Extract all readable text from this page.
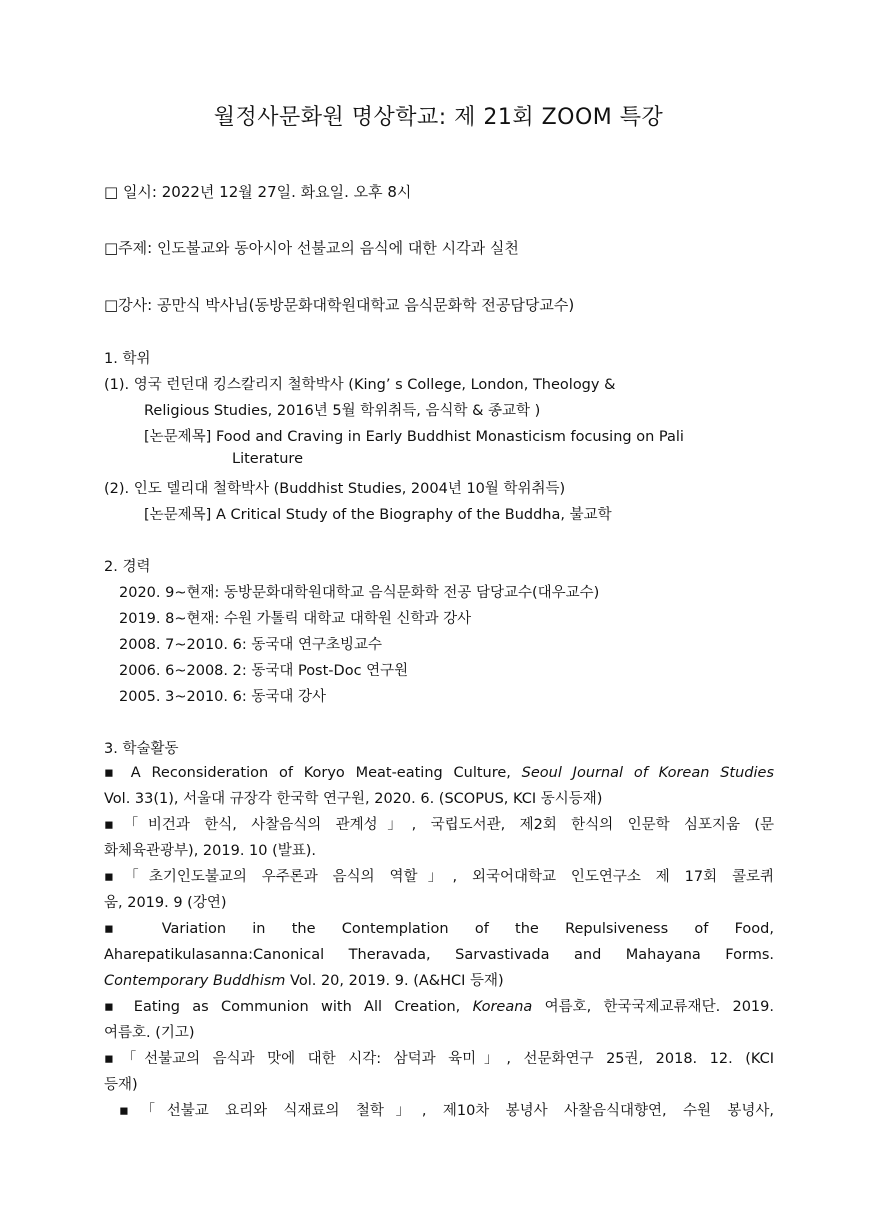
월정사문화원 명상학교: 제 21회 ZOOM 특강
□ 일시: 2022년 12월 27일. 화요일. 오후 8시
□주제: 인도불교와 동아시아 선불교의 음식에 대한 시각과 실천
□강사: 공만식 박사님(동방문화대학원대학교 음식문화학 전공담당교수)
1. 학위
(1). 영국 런던대 킹스칼리지 철학박사 (King’ s College, London, Theology &
Religious Studies, 2016년 5월 학위취득, 음식학 & 종교학 )
[논문제목] Food and Craving in Early Buddhist Monasticism focusing on Pali
Literature
(2). 인도 델리대 철학박사 (Buddhist Studies, 2004년 10월 학위취득)
[논문제목] A Critical Study of the Biography of the Buddha, 불교학
2. 경력
2020. 9~현재: 동방문화대학원대학교 음식문화학 전공 담당교수(대우교수)
2019. 8~현재: 수원 가톨릭 대학교 대학원 신학과 강사
2008. 7~2010. 6: 동국대 연구초빙교수
2006. 6~2008. 2: 동국대 Post-Doc 연구원
2005. 3~2010. 6: 동국대 강사
3. 학술활동
▪ A Reconsideration of Koryo Meat-eating Culture, Seoul Journal of Korean Studies
Vol. 33(1), 서울대 규장각 한국학 연구원, 2020. 6. (SCOPUS, KCI 동시등재)
▪「비건과 한식, 사찰음식의 관계성」, 국립도서관, 제2회 한식의 인문학 심포지움 (문
화체육관광부), 2019. 10 (발표).
▪「초기인도불교의 우주론과 음식의 역할」, 외국어대학교 인도연구소 제 17회 콜로퀴
움, 2019. 9 (강연)
▪ Variation in the Contemplation of the Repulsiveness of Food,
Aharepatikulasanna:Canonical Theravada, Sarvastivada and Mahayana Forms.
Contemporary Buddhism Vol. 20, 2019. 9. (A&HCI 등재)
▪ Eating as Communion with All Creation, Koreana 여름호, 한국국제교류재단. 2019.
여름호. (기고)
▪「선불교의 음식과 맛에 대한 시각: 삼덕과 육미」, 선문화연구 25권, 2018. 12. (KCI
등재)
▪「선불교 요리와 식재료의 철학」, 제10차 봉녕사 사찰음식대향연, 수원 봉녕사,
